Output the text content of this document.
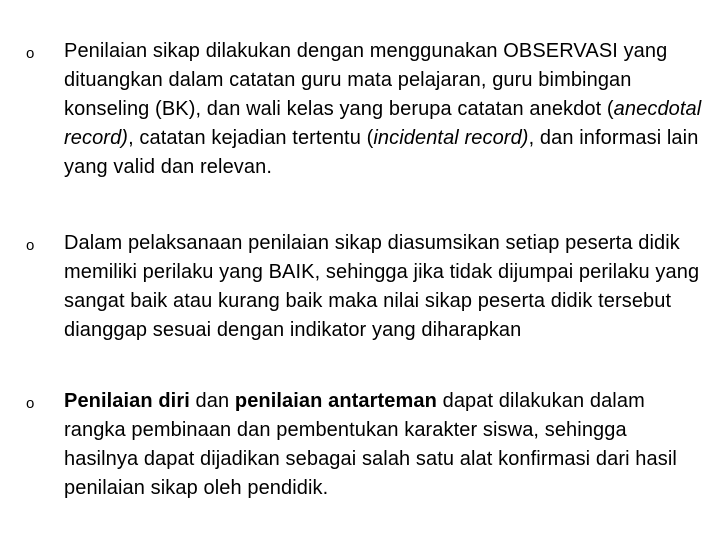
o	Penilaian sikap dilakukan dengan menggunakan OBSERVASI yang dituangkan dalam catatan guru mata pelajaran, guru bimbingan konseling (BK), dan wali kelas yang berupa catatan anekdot (anecdotal record), catatan kejadian tertentu (incidental record), dan informasi lain yang valid dan relevan.
o	Dalam pelaksanaan penilaian sikap diasumsikan setiap peserta didik memiliki perilaku yang BAIK, sehingga jika tidak dijumpai perilaku yang sangat baik atau kurang baik maka nilai sikap peserta didik tersebut dianggap sesuai dengan indikator yang diharapkan
o	Penilaian diri dan penilaian antarteman dapat dilakukan dalam rangka pembinaan dan pembentukan karakter siswa, sehingga hasilnya dapat dijadikan sebagai salah satu alat konfirmasi dari hasil penilaian sikap oleh pendidik.
